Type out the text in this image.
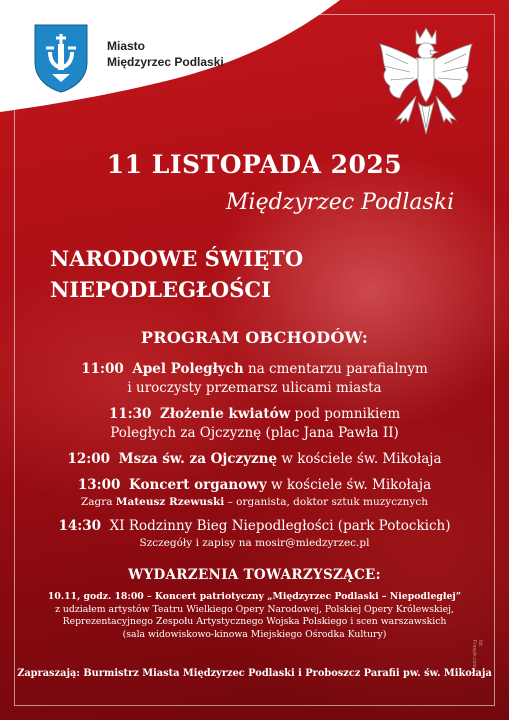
Miasto
Międzyrzec Podlaski
11 LISTOPADA 2025
Międzyrzec Podlaski
NARODOWE ŚWIĘTO
NIEPODLEGŁOŚCI
PROGRAM OBCHODÓW:
11:00 Apel Poległych na cmentarzu parafialnym
i uroczysty przemarsz ulicami miasta
11:30 Złożenie kwiatów pod pomnikiem
Poległych za Ojczyznę (plac Jana Pawła II)
12:00 Msza św. za Ojczyznę w kościele św. Mikołaja
13:00 Koncert organowy w kościele św. Mikołaja
Zagra Mateusz Rzewuski – organista, doktor sztuk muzycznych
14:30 XI Rodzinny Bieg Niepodległości (park Potockich)
Szczegóły i zapisy na mosir@miedzyrzec.pl
WYDARZENIA TOWARZYSZĄCE:
10.11, godz. 18:00 – Koncert patriotyczny „Międzyrzec Podlaski – Niepodległej”
z udziałem artystów Teatru Wielkiego Opery Narodowej, Polskiej Opery Królewskiej,
Reprezentacyjnego Zespołu Artystycznego Wojska Polskiego i scen warszawskich
(sala widowiskowo-kinowa Miejskiego Ośrodka Kultury)
Zapraszają: Burmistrz Miasta Międzyrzec Podlaski i Proboszcz Parafii pw. św. Mikołaja
fot. Freepik.com
